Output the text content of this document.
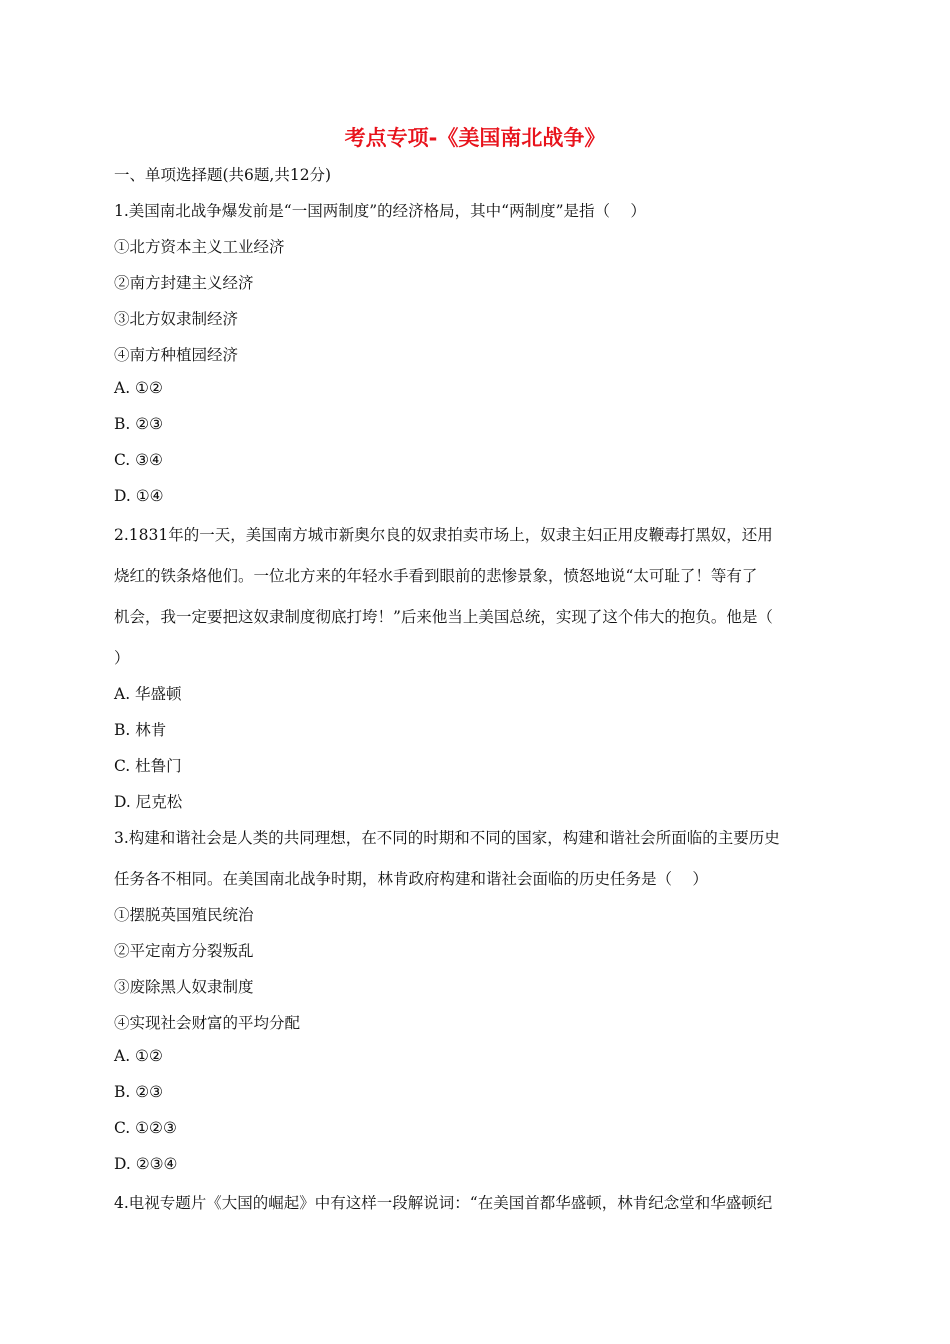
考点专项-《美国南北战争》
一、单项选择题(共6题,共12分)
1.美国南北战争爆发前是“一国两制度”的经济格局，其中“两制度”是指（　 ）
①北方资本主义工业经济
②南方封建主义经济
③北方奴隶制经济
④南方种植园经济
A. ①②
B. ②③
C. ③④
D. ①④
2.1831年的一天，美国南方城市新奥尔良的奴隶拍卖市场上，奴隶主妇正用皮鞭毒打黑奴，还用
烧红的铁条烙他们。一位北方来的年轻水手看到眼前的悲惨景象，愤怒地说“太可耻了！等有了
机会，我一定要把这奴隶制度彻底打垮！”后来他当上美国总统，实现了这个伟大的抱负。他是（
）
A. 华盛顿
B. 林肯
C. 杜鲁门
D. 尼克松
3.构建和谐社会是人类的共同理想，在不同的时期和不同的国家，构建和谐社会所面临的主要历史
任务各不相同。在美国南北战争时期，林肯政府构建和谐社会面临的历史任务是（　 ）
①摆脱英国殖民统治
②平定南方分裂叛乱
③废除黑人奴隶制度
④实现社会财富的平均分配
A. ①②
B. ②③
C. ①②③
D. ②③④
4.电视专题片《大国的崛起》中有这样一段解说词：“在美国首都华盛顿，林肯纪念堂和华盛顿纪
